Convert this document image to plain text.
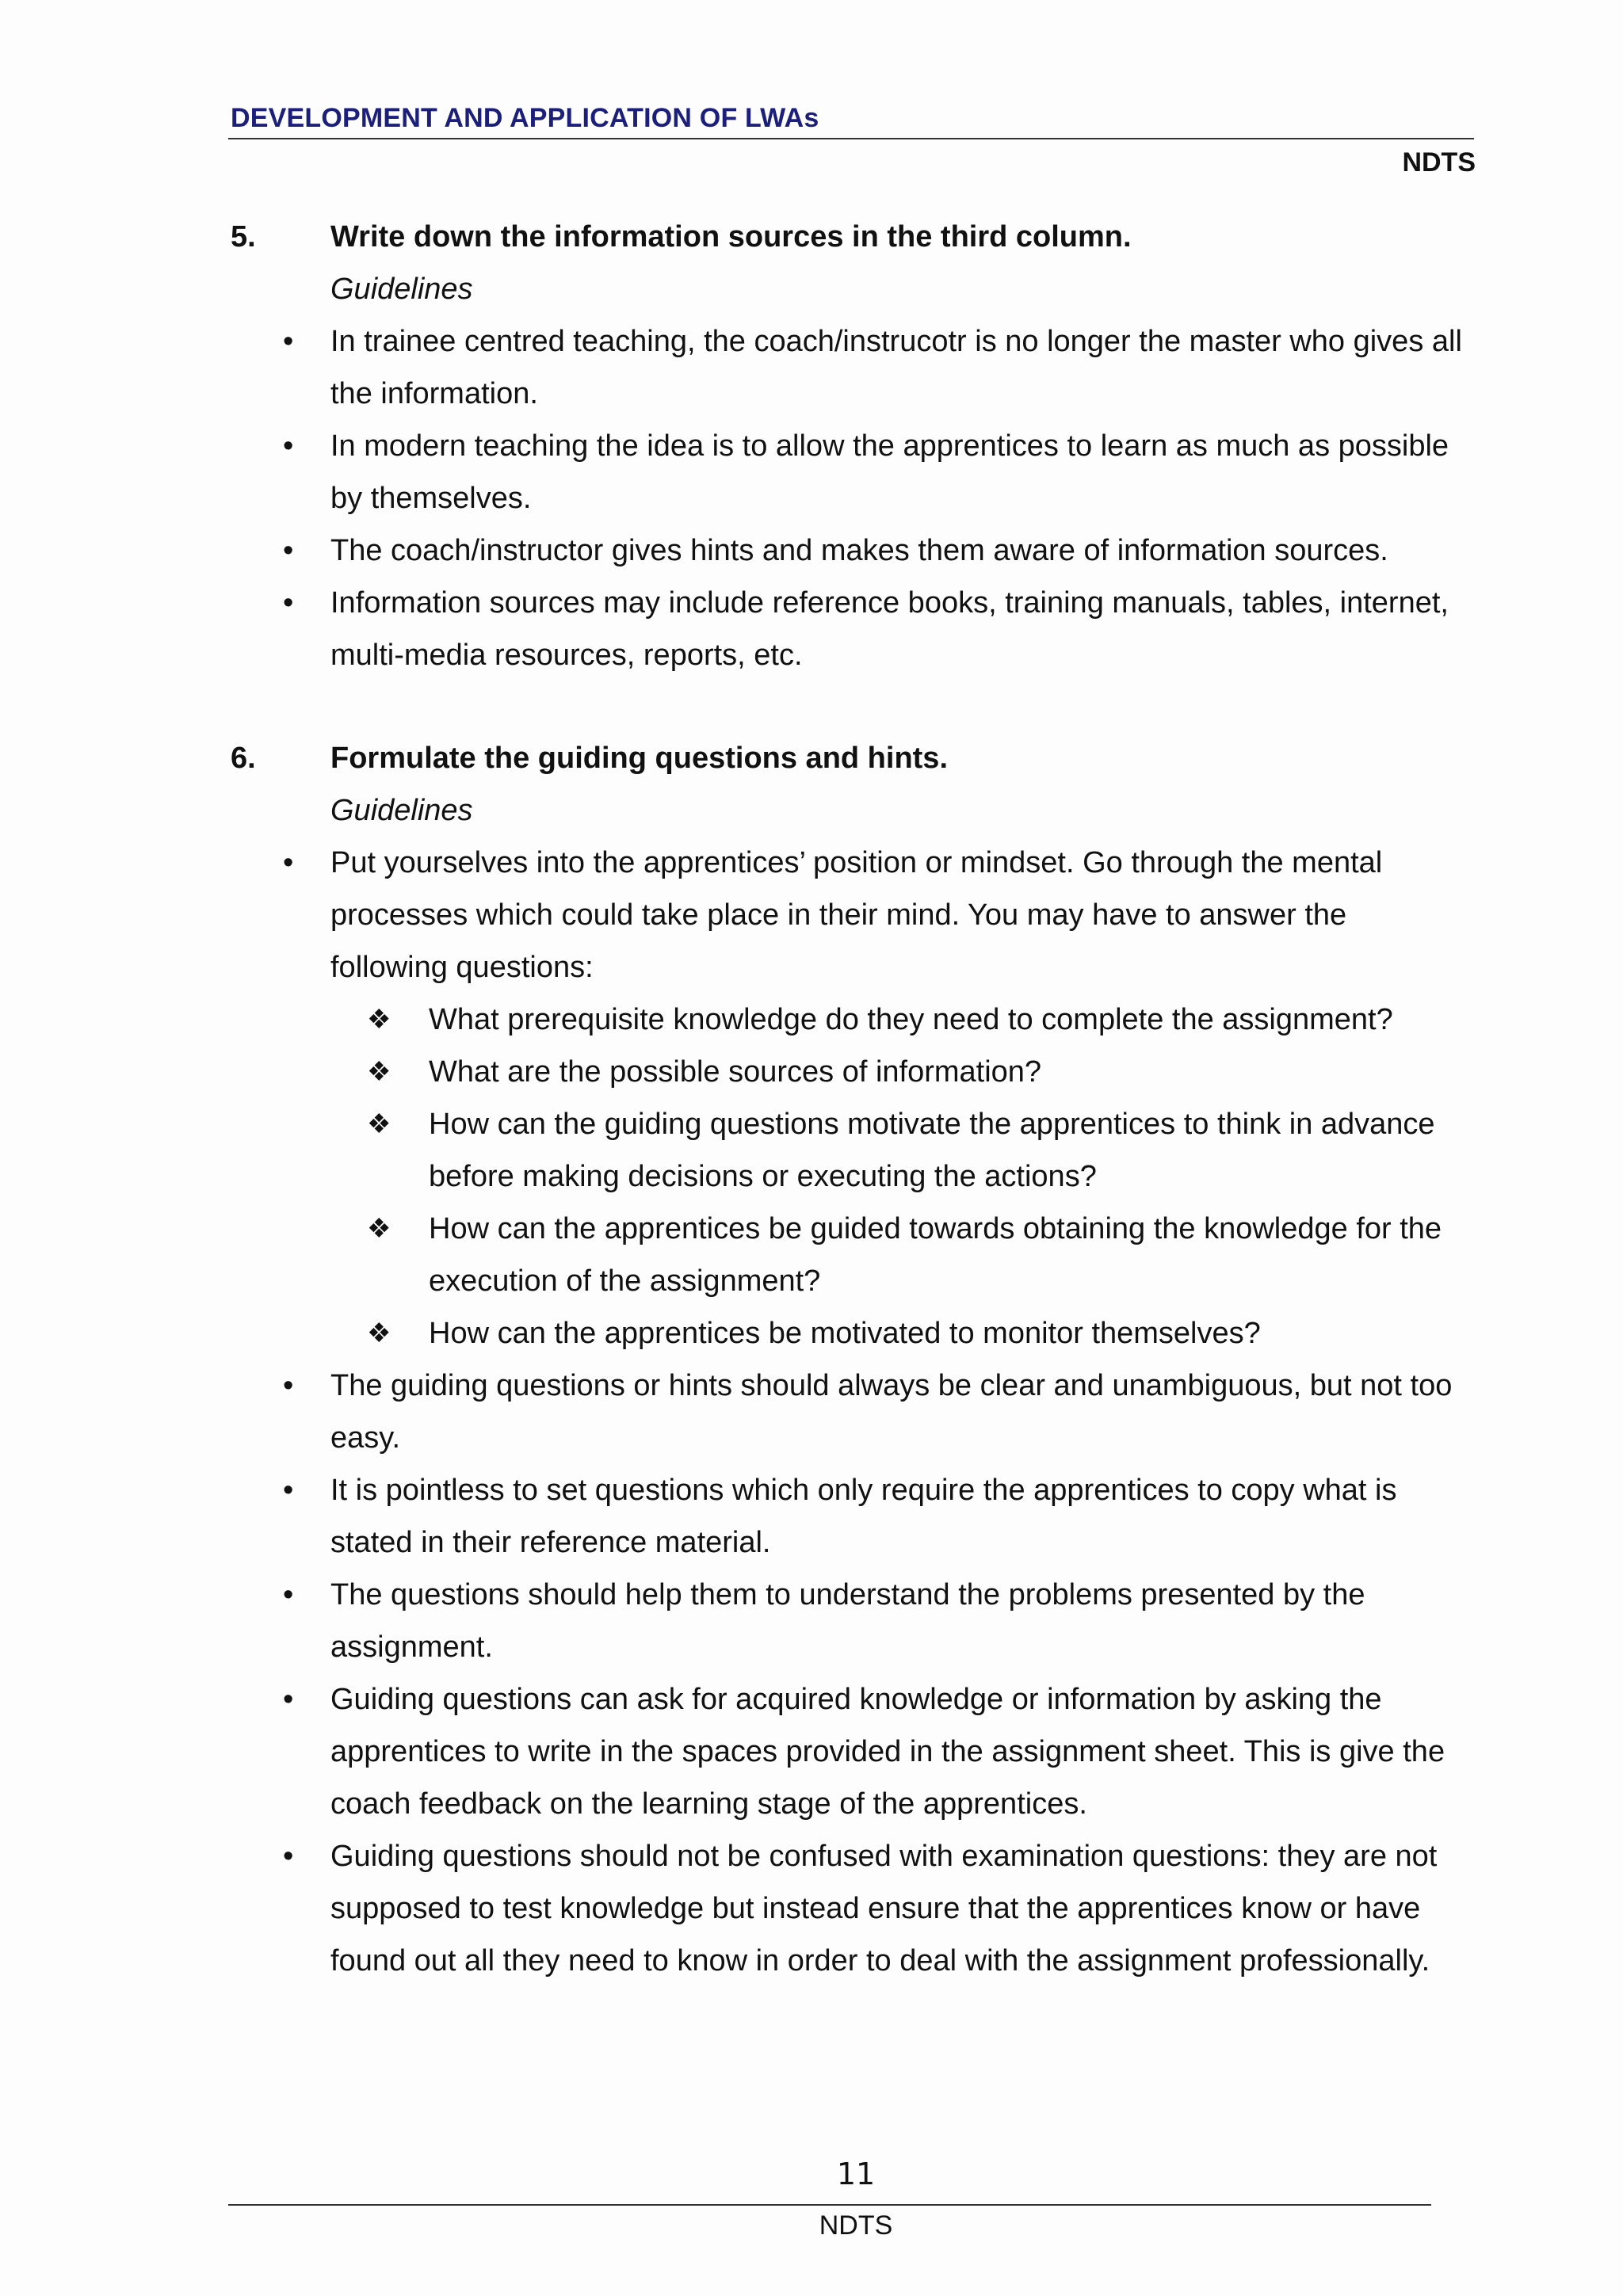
DEVELOPMENT AND APPLICATION OF LWAs
NDTS
5. Write down the information sources in the third column.
Guidelines
• In trainee centred teaching, the coach/instrucotr is no longer the master who gives all
the information.
• In modern teaching the idea is to allow the apprentices to learn as much as possible
by themselves.
• The coach/instructor gives hints and makes them aware of information sources.
• Information sources may include reference books, training manuals, tables, internet,
multi-media resources, reports, etc.
6. Formulate the guiding questions and hints.
Guidelines
• Put yourselves into the apprentices’ position or mindset. Go through the mental
processes which could take place in their mind. You may have to answer the
following questions:
❖ What prerequisite knowledge do they need to complete the assignment?
❖ What are the possible sources of information?
❖ How can the guiding questions motivate the apprentices to think in advance
before making decisions or executing the actions?
❖ How can the apprentices be guided towards obtaining the knowledge for the
execution of the assignment?
❖ How can the apprentices be motivated to monitor themselves?
• The guiding questions or hints should always be clear and unambiguous, but not too
easy.
• It is pointless to set questions which only require the apprentices to copy what is
stated in their reference material.
• The questions should help them to understand the problems presented by the
assignment.
• Guiding questions can ask for acquired knowledge or information by asking the
apprentices to write in the spaces provided in the assignment sheet. This is give the
coach feedback on the learning stage of the apprentices.
• Guiding questions should not be confused with examination questions: they are not
supposed to test knowledge but instead ensure that the apprentices know or have
found out all they need to know in order to deal with the assignment professionally.
11
NDTS
